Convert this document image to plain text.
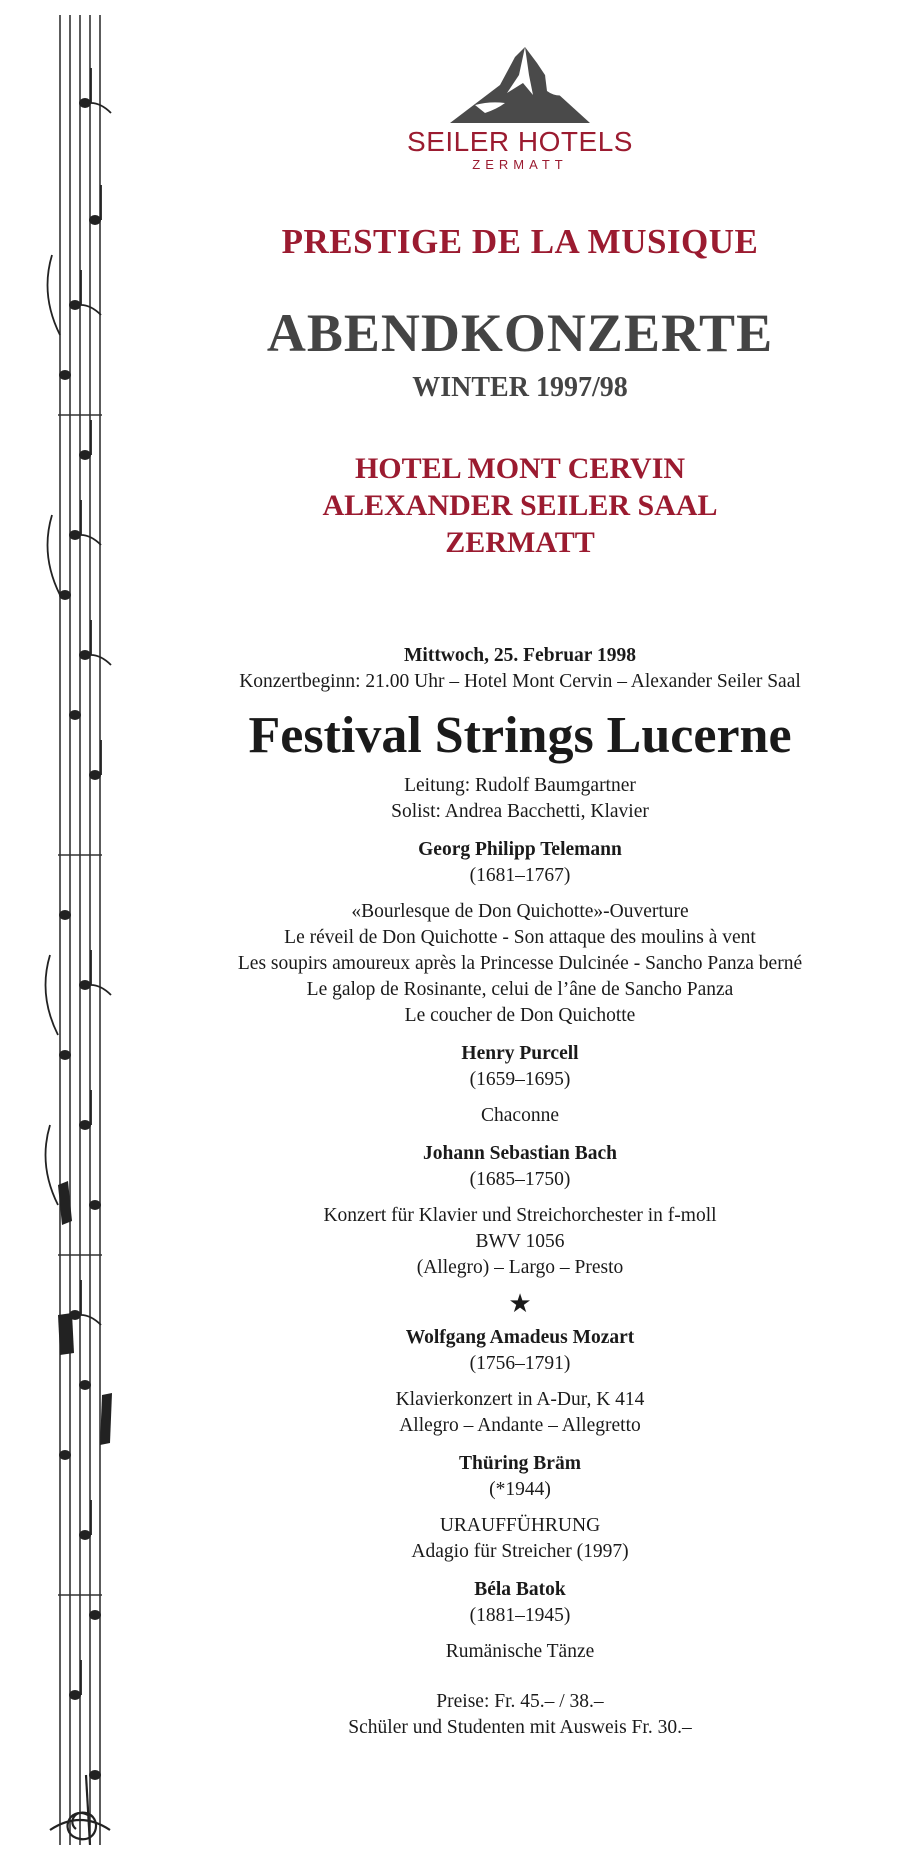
SEILER HOTELS
ZERMATT
PRESTIGE DE LA MUSIQUE
ABENDKONZERTE
WINTER 1997/98
HOTEL MONT CERVIN
ALEXANDER SEILER SAAL
ZERMATT

Mittwoch, 25. Februar 1998

Konzertbeginn: 21.00 Uhr – Hotel Mont Cervin – Alexander Seiler Saal

Festival Strings Lucerne

Leitung: Rudolf Baumgartner

Solist: Andrea Bacchetti, Klavier

Georg Philipp Telemann

(1681–1767)

«Bourlesque de Don Quichotte»-Ouverture

Le réveil de Don Quichotte - Son attaque des moulins à vent

Les soupirs amoureux après la Princesse Dulcinée - Sancho Panza berné

Le galop de Rosinante, celui de l’âne de Sancho Panza

Le coucher de Don Quichotte

Henry Purcell

(1659–1695)

Chaconne

Johann Sebastian Bach

(1685–1750)

Konzert für Klavier und Streichorchester in f-moll

BWV 1056

(Allegro) – Largo – Presto

★

Wolfgang Amadeus Mozart

(1756–1791)

Klavierkonzert in A-Dur, K 414

Allegro – Andante – Allegretto

Thüring Bräm

(*1944)

URAUFFÜHRUNG

Adagio für Streicher (1997)

Béla Batok

(1881–1945)

Rumänische Tänze

Preise: Fr. 45.– / 38.–

Schüler und Studenten mit Ausweis Fr. 30.–
